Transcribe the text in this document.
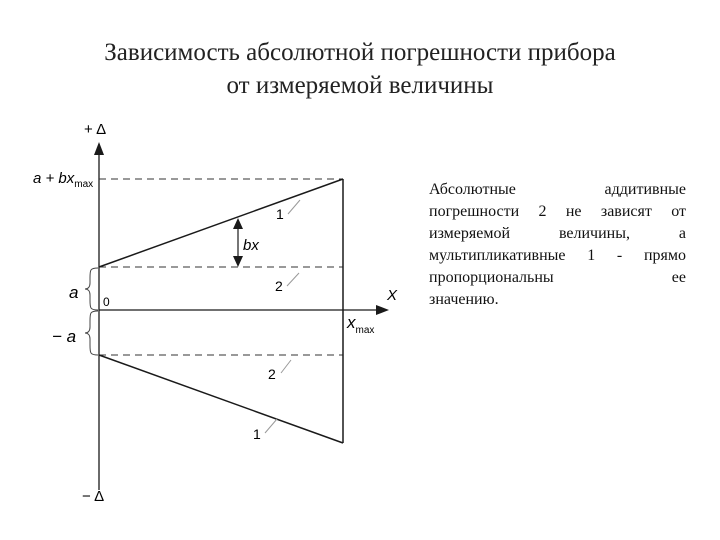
Зависимость абсолютной погрешности прибора
от измеряемой величины
+ Δ
− Δ
X
0
bx
$a + bx_{max}$
a
− a
$x_{max}$
1
2
2
1
Абсолютные аддитивные
погрешности 2 не зависят от
измеряемой величины, а
мультипликативные 1 - прямо
пропорциональны ее
значению.
